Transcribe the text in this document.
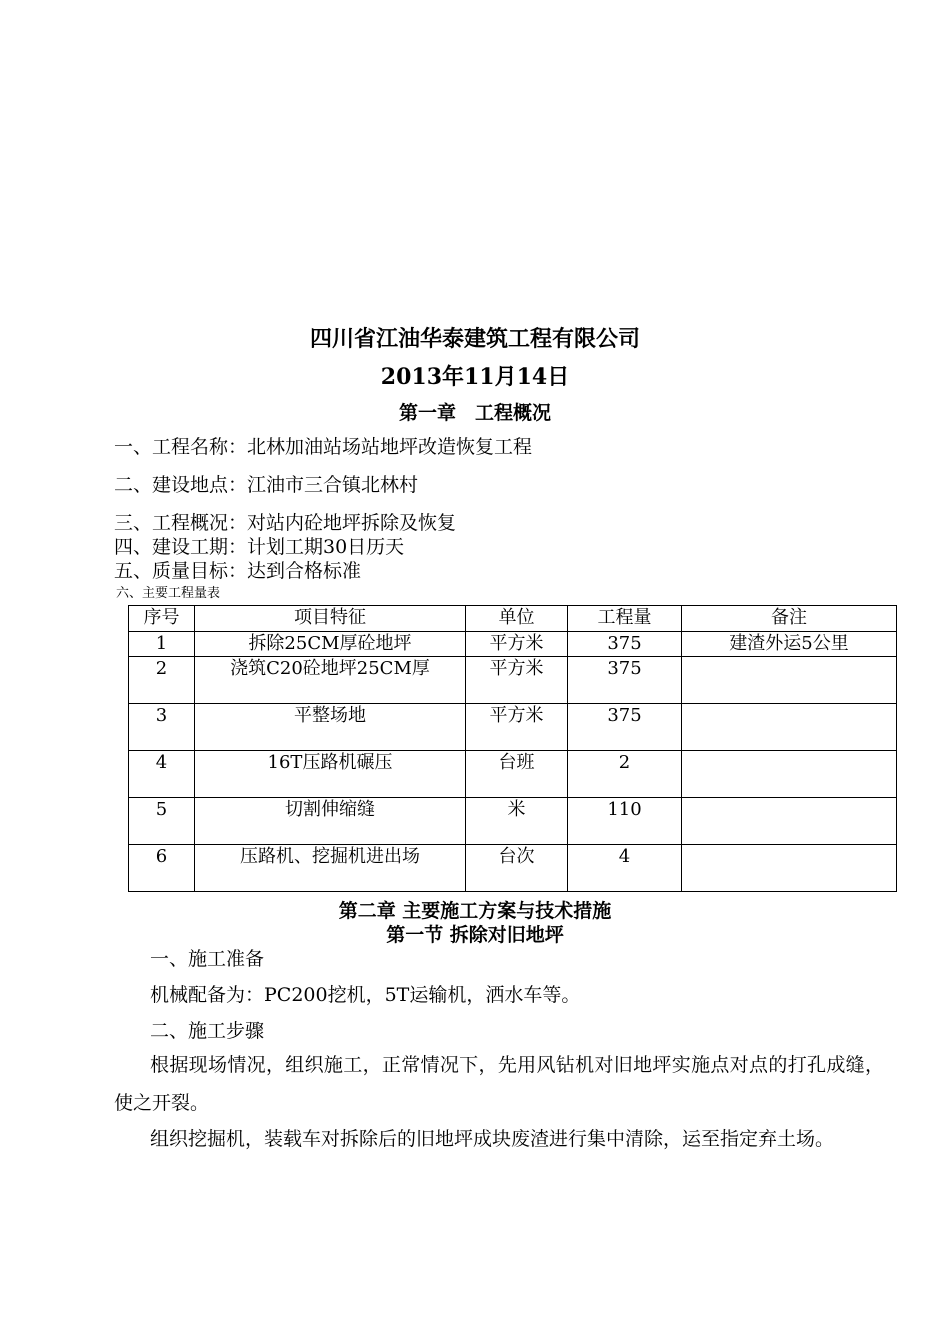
四川省江油华泰建筑工程有限公司
2013年11月14日
第一章　工程概况
一、工程名称：北林加油站场站地坪改造恢复工程
二、建设地点：江油市三合镇北林村
三、工程概况：对站内砼地坪拆除及恢复
四、建设工期：计划工期30日历天
五、质量目标：达到合格标准
六、主要工程量表
序号	项目特征	单位	工程量	备注
1	拆除25CM厚砼地坪	平方米	375	建渣外运5公里
2	浇筑C20砼地坪25CM厚	平方米	375	
3	平整场地	平方米	375	
4	16T压路机碾压	台班	2	
5	切割伸缩缝	米	110	
6	压路机、挖掘机进出场	台次	4	
第二章 主要施工方案与技术措施
第一节 拆除对旧地坪
一、施工准备
机械配备为：PC200挖机，5T运输机，洒水车等。
二、施工步骤
根据现场情况，组织施工，正常情况下，先用风钻机对旧地坪实施点对点的打孔成缝，使之开裂。
组织挖掘机，装载车对拆除后的旧地坪成块废渣进行集中清除，运至指定弃土场。
